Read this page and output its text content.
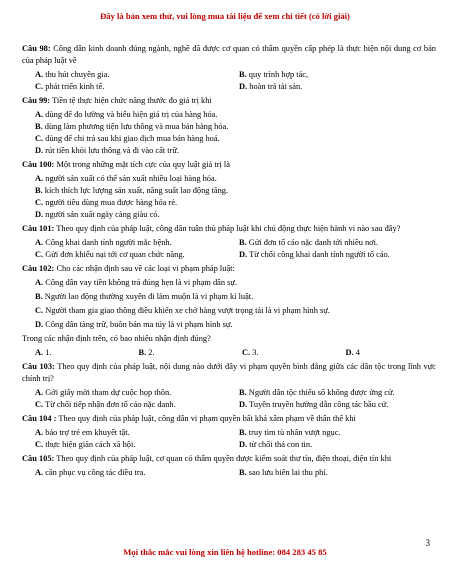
Đây là bản xem thử, vui lòng mua tài liệu để xem chi tiết (có lời giải)
Câu 98: Công dân kinh doanh đúng ngành, nghề đã được cơ quan có thẩm quyền cấp phép là thực hiện nội dung cơ bản của pháp luật về
A. thu hút chuyên gia.	B. quy trình hợp tác,
C. phát triển kinh tế.	D. hoàn trả tài sản.
Câu 99: Tiền tệ thực hiện chức năng thước đo giá trị khi
A. dùng để đo lường và biểu hiện giá trị của hàng hóa.
B. dùng làm phương tiện lưu thông và mua bán hàng hóa.
C. dùng để chi trả sau khi giao dịch mua bán hàng hoá.
D. rút tiền khỏi lưu thông và đi vào cất trữ.
Câu 100: Một trong những mặt tích cực của quy luật giá trị là
A. người sản xuất có thể sản xuất nhiều loại hàng hóa.
B. kích thích lực lượng sản xuất, năng suất lao động tăng.
C. người tiêu dùng mua được hàng hóa rẻ.
D. người sản xuất ngày càng giàu có.
Câu 101: Theo quy định của pháp luật, công dân tuân thủ pháp luật khi chủ động thực hiện hành vi nào sau đây?
A. Công khai danh tính người mắc bệnh.	B. Gửi đơn tố cáo nặc danh tới nhiều nơi.
C. Gửi đơn khiếu nại tới cơ quan chức năng.	D. Từ chối công khai danh tính người tố cáo.
Câu 102: Cho các nhận định sau về các loại vi phạm pháp luật:
A. Công dân vay tiền không trả đúng hẹn là vi phạm dân sự.
B. Người lao động thường xuyên đi làm muộn là vi phạm kỉ luật.
C. Người tham gia giao thông điều khiển xe chở hàng vượt trọng tải là vi phạm hình sự.
D. Công dân tàng trữ, buôn bán ma túy là vi phạm hình sự.
Trong các nhận định trên, có bao nhiêu nhận định đúng?
A. 1.	B. 2.	C. 3.	D. 4
Câu 103: Theo quy định của pháp luật, nội dung nào dưới đây vi phạm quyền bình đẳng giữa các dân tộc trong lĩnh vực chính trị?
A. Gới giấy mời tham dự cuộc họp thôn.	B. Người dân tộc thiểu số không được ứng cử.
C. Từ chối tiếp nhận đơn tố cáo nặc danh.	D. Tuyên truyền hướng dẫn công tác bầu cử.
Câu 104 : Theo quy định của pháp luật, công dân vi phạm quyền bất khả xâm phạm về thân thể khi
A. bảo trợ trẻ em khuyết tật.	B. truy tìm tù nhân vượt ngục.
C. thực hiện giãn cách xã hội.	D. từ chối thả con tin.
Câu 105: Theo quy định của pháp luật, cơ quan có thẩm quyền được kiểm soát thư tín, điện thoại, điện tín khi
A. cần phục vụ công tác điều tra.	B. sao lưu biên lai thu phí.
3
Mọi thắc mắc vui lòng xin liên hệ hotline: 084 283 45 85
